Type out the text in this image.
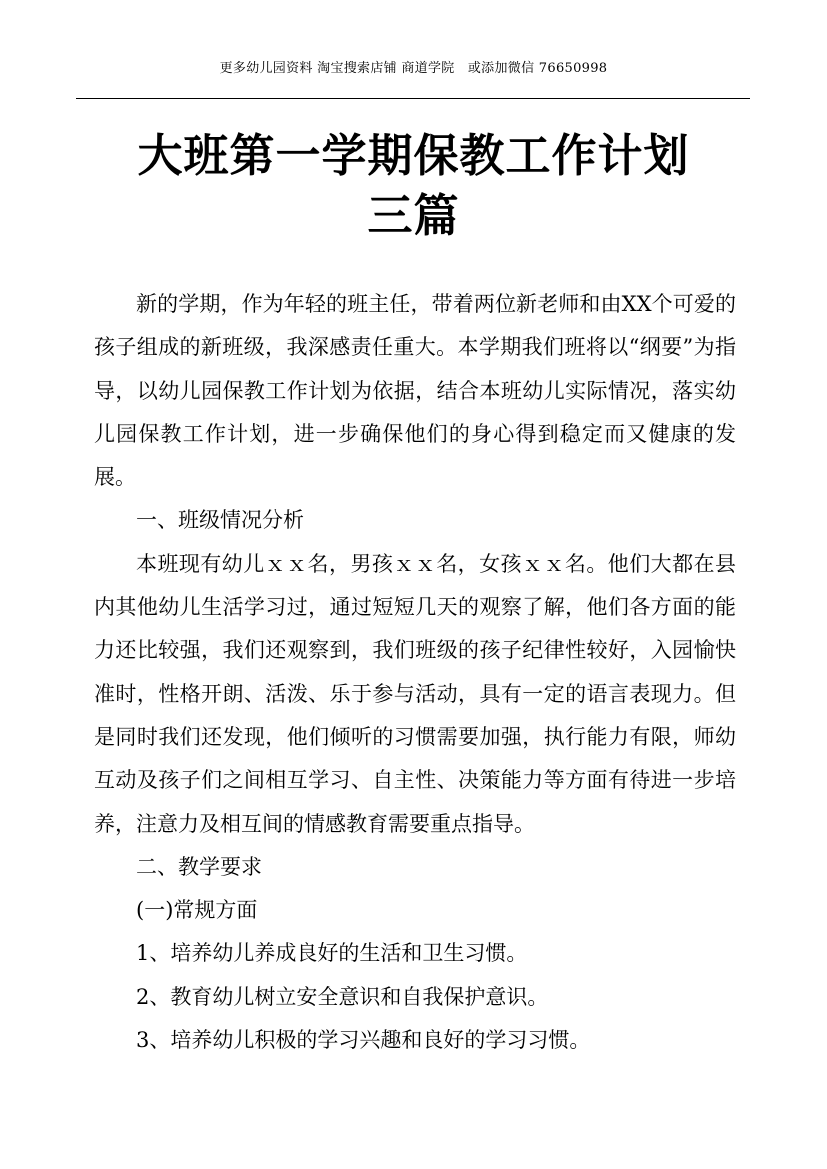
更多幼儿园资料 淘宝搜索店铺 商道学院　或添加微信 76650998
大班第一学期保教工作计划
三篇

新的学期，作为年轻的班主任，带着两位新老师和由XX个可爱的孩子组成的新班级，我深感责任重大。本学期我们班将以“纲要”为指导，以幼儿园保教工作计划为依据，结合本班幼儿实际情况，落实幼儿园保教工作计划，进一步确保他们的身心得到稳定而又健康的发展。

一、班级情况分析

本班现有幼儿ｘｘ名，男孩ｘｘ名，女孩ｘｘ名。他们大都在县内其他幼儿生活学习过，通过短短几天的观察了解，他们各方面的能力还比较强，我们还观察到，我们班级的孩子纪律性较好，入园愉快准时，性格开朗、活泼、乐于参与活动，具有一定的语言表现力。但是同时我们还发现，他们倾听的习惯需要加强，执行能力有限，师幼互动及孩子们之间相互学习、自主性、决策能力等方面有待进一步培养，注意力及相互间的情感教育需要重点指导。

二、教学要求

(一)常规方面

1、培养幼儿养成良好的生活和卫生习惯。

2、教育幼儿树立安全意识和自我保护意识。

3、培养幼儿积极的学习兴趣和良好的学习习惯。
